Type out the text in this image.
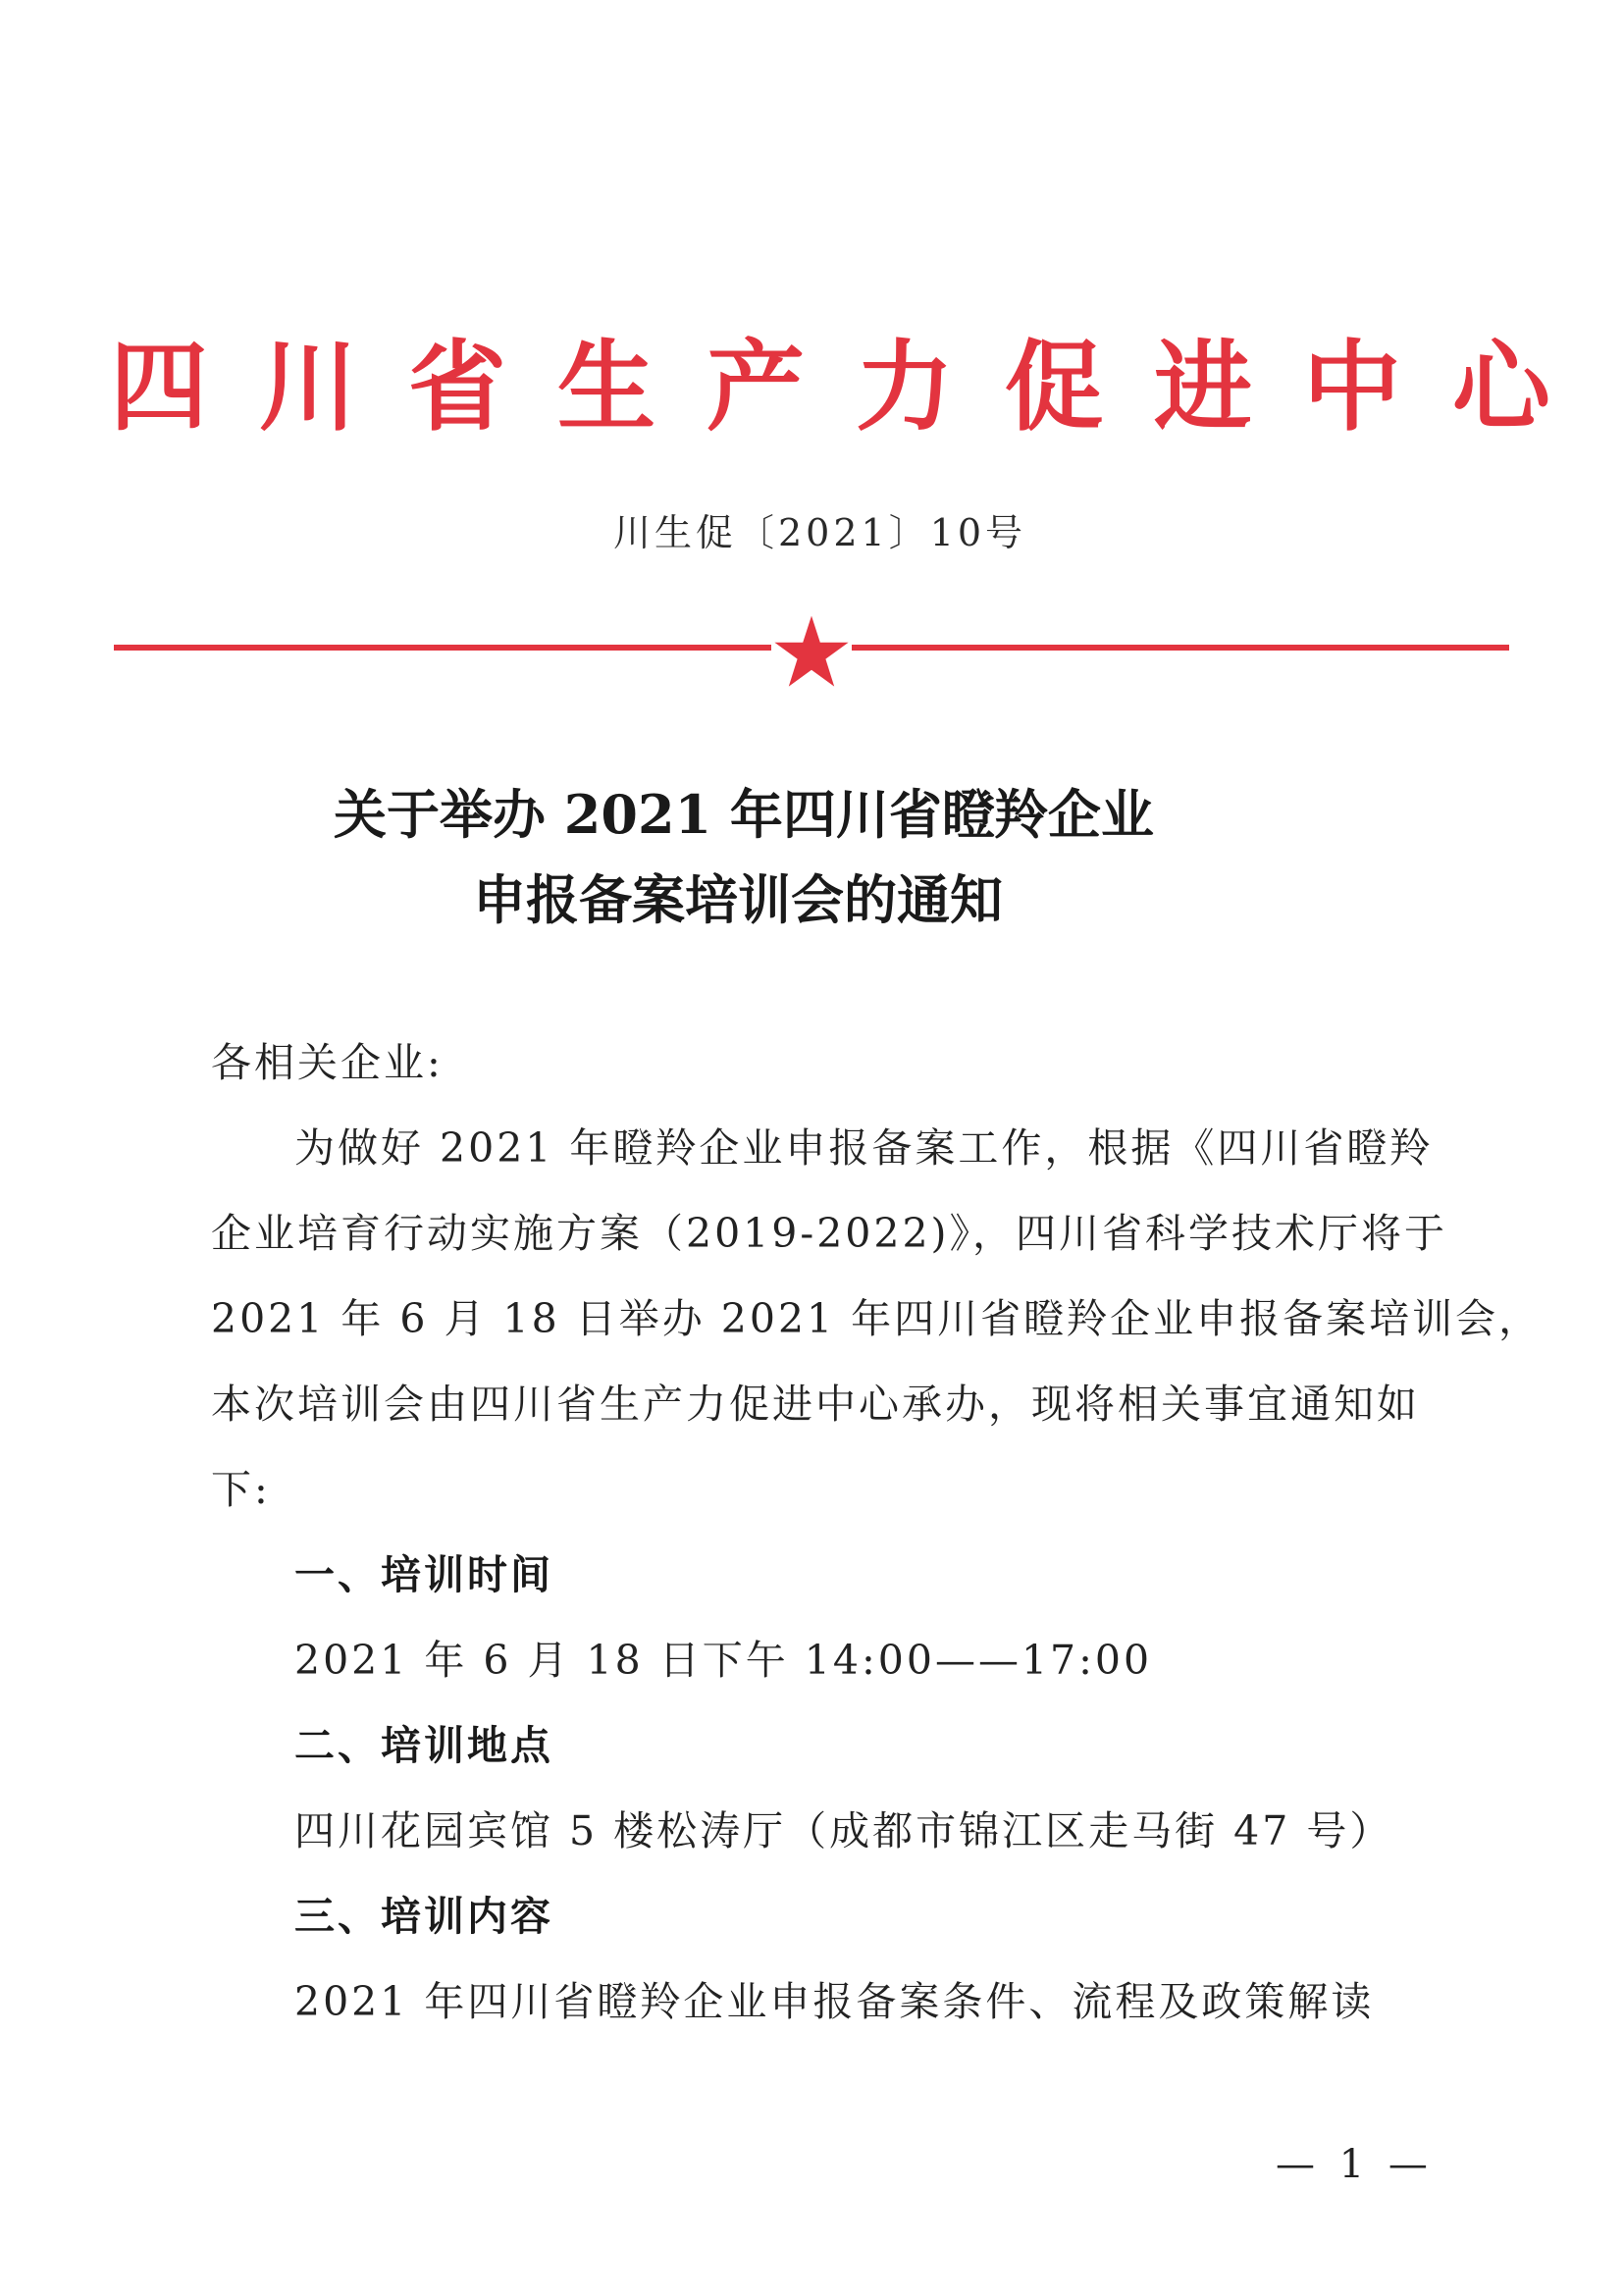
四川省生产力促进中心
川生促〔2021〕10号
关于举办 2021 年四川省瞪羚企业
申报备案培训会的通知
各相关企业:
为做好 2021 年瞪羚企业申报备案工作，根据《四川省瞪羚
企业培育行动实施方案（2019-2022)》，四川省科学技术厅将于
2021 年 6 月 18 日举办 2021 年四川省瞪羚企业申报备案培训会，
本次培训会由四川省生产力促进中心承办，现将相关事宜通知如
下:
一、培训时间
2021 年 6 月 18 日下午 14:00——17:00
二、培训地点
四川花园宾馆 5 楼松涛厅（成都市锦江区走马街 47 号）
三、培训内容
2021 年四川省瞪羚企业申报备案条件、流程及政策解读
— 1 —
